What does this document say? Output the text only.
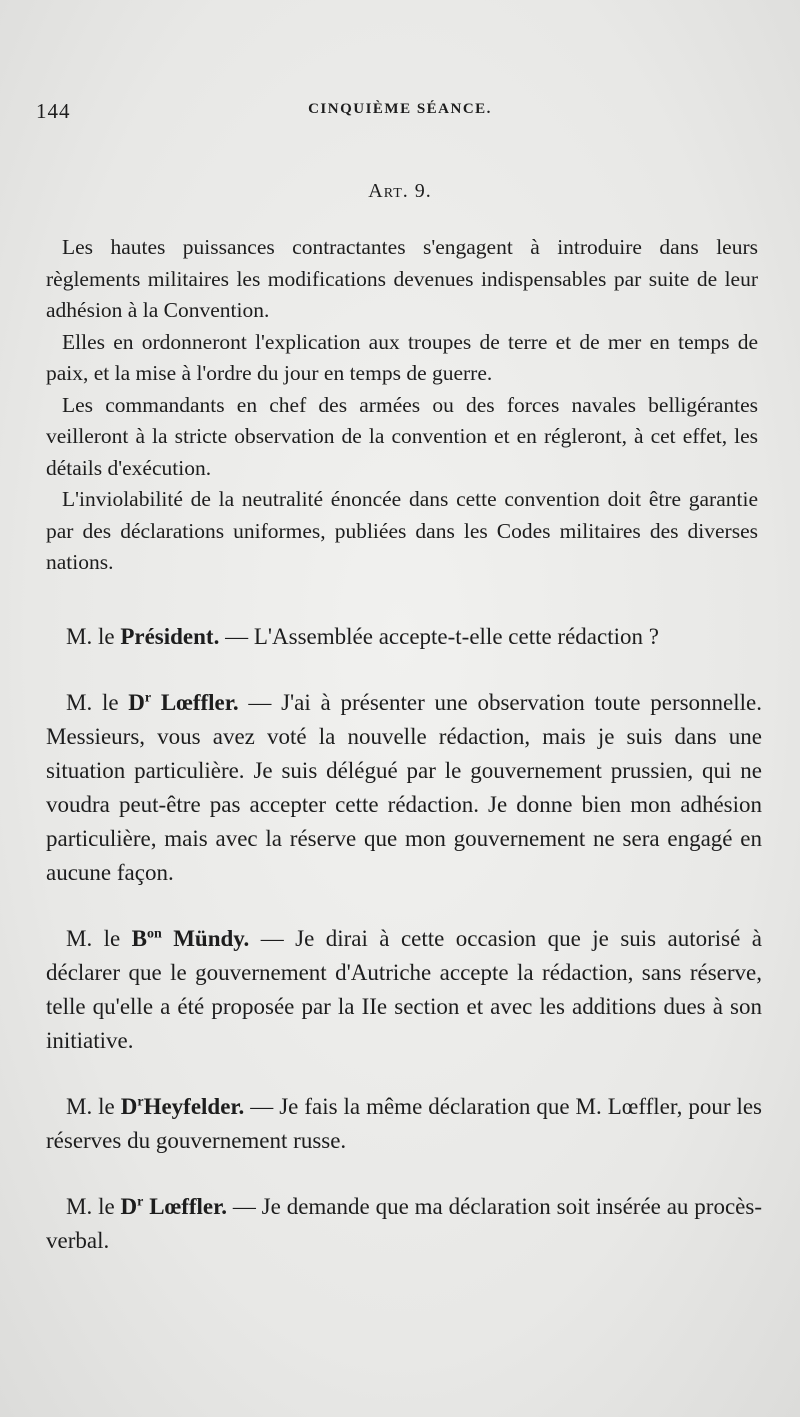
144	CINQUIÈME SÉANCE.
Art. 9.

Les hautes puissances contractantes s'engagent à introduire dans leurs règlements militaires les modifications devenues indispensables par suite de leur adhésion à la Convention.

Elles en ordonneront l'explication aux troupes de terre et de mer en temps de paix, et la mise à l'ordre du jour en temps de guerre.

Les commandants en chef des armées ou des forces navales belligérantes veilleront à la stricte observation de la convention et en régleront, à cet effet, les détails d'exécution.

L'inviolabilité de la neutralité énoncée dans cette convention doit être garantie par des déclarations uniformes, publiées dans les Codes militaires des diverses nations.

M. le Président. — L'Assemblée accepte-t-elle cette rédaction ?

M. le $D^r$ Lœffler. — J'ai à présenter une observation toute personnelle. Messieurs, vous avez voté la nouvelle rédaction, mais je suis dans une situation particulière. Je suis délégué par le gouvernement prussien, qui ne voudra peut-être pas accepter cette rédaction. Je donne bien mon adhésion particulière, mais avec la réserve que mon gouvernement ne sera engagé en aucune façon.

M. le $B^{on}$ Mündy. — Je dirai à cette occasion que je suis autorisé à déclarer que le gouvernement d'Autriche accepte la rédaction, sans réserve, telle qu'elle a été proposée par la IIe section et avec les additions dues à son initiative.

M. le $D^rHeyfelder$. — Je fais la même déclaration que M. Lœffler, pour les réserves du gouvernement russe.

M. le $D^r$ Lœffler. — Je demande que ma déclaration soit insérée au procès-verbal.
